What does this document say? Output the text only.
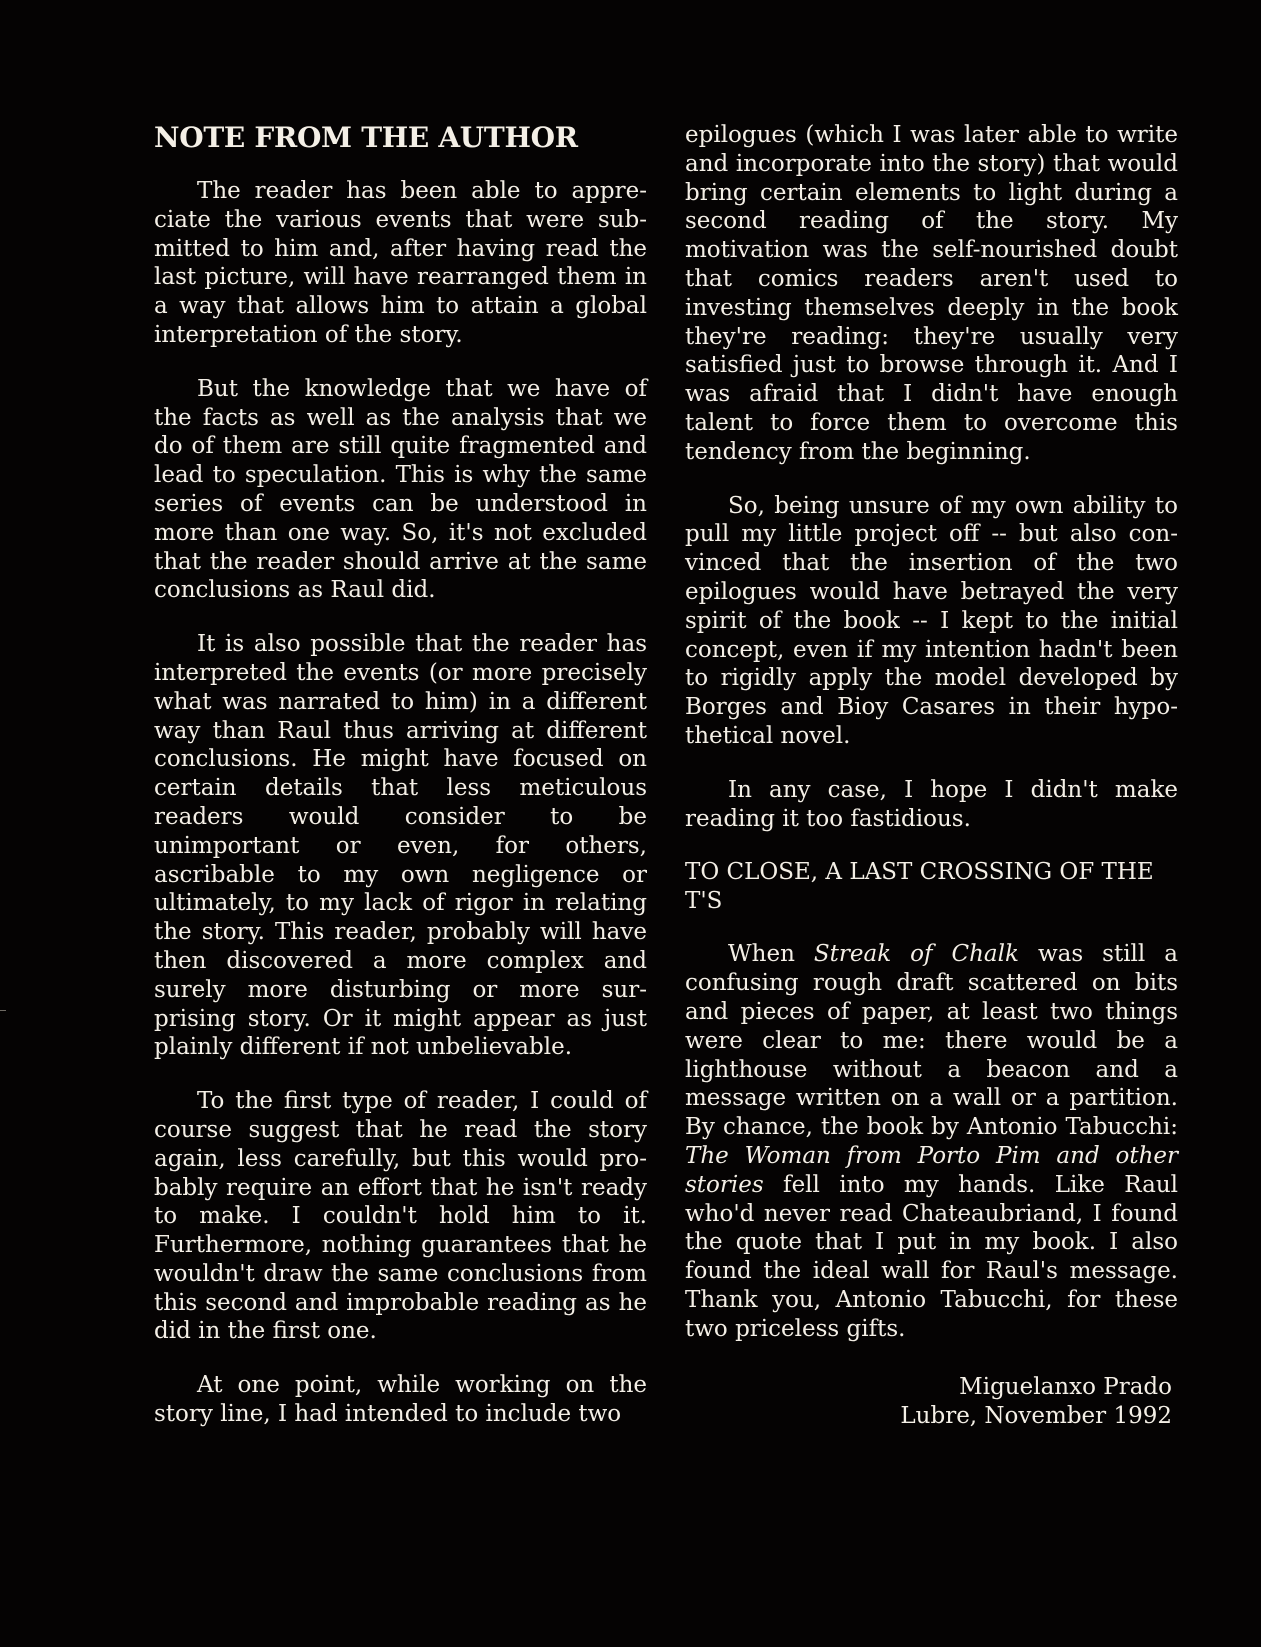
NOTE FROM THE AUTHOR

The reader has been able to appreciate the various events that were submitted to him and, after having read the last picture, will have rearranged them in a way that allows him to attain a global interpretation of the story.

But the knowledge that we have of the facts as well as the analysis that we do of them are still quite fragmented and lead to speculation. This is why the same series of events can be understood in more than one way. So, it's not excluded that the reader should arrive at the same conclusions as Raul did.

It is also possible that the reader has interpreted the events (or more precisely what was narrated to him) in a different way than Raul thus arriving at different conclusions. He might have focused on certain details that less meticulous readers would consider to be unimportant or even, for others, ascribable to my own negligence or ultimately, to my lack of rigor in relating the story. This reader, probably will have then discovered a more complex and surely more disturbing or more surprising story. Or it might appear as just plainly different if not unbelievable.

To the first type of reader, I could of course suggest that he read the story again, less carefully, but this would probably require an effort that he isn't ready to make. I couldn't hold him to it. Furthermore, nothing guarantees that he wouldn't draw the same conclusions from this second and improbable reading as he did in the first one.

At one point, while working on the story line, I had intended to include two

epilogues (which I was later able to write and incorporate into the story) that would bring certain elements to light during a second reading of the story. My motivation was the self-nourished doubt that comics readers aren't used to investing themselves deeply in the book they're reading: they're usually very satisfied just to browse through it. And I was afraid that I didn't have enough talent to force them to overcome this tendency from the beginning.

So, being unsure of my own ability to pull my little project off -- but also convinced that the insertion of the two epilogues would have betrayed the very spirit of the book -- I kept to the initial concept, even if my intention hadn't been to rigidly apply the model developed by Borges and Bioy Casares in their hypothetical novel.

In any case, I hope I didn't make reading it too fastidious.

TO CLOSE, A LAST CROSSING OF THE T'S

When Streak of Chalk was still a confusing rough draft scattered on bits and pieces of paper, at least two things were clear to me: there would be a lighthouse without a beacon and a message written on a wall or a partition. By chance, the book by Antonio Tabucchi: The Woman from Porto Pim and other stories fell into my hands. Like Raul who'd never read Chateaubriand, I found the quote that I put in my book. I also found the ideal wall for Raul's message. Thank you, Antonio Tabucchi, for these two priceless gifts.

Miguelanxo Prado
Lubre, November 1992
